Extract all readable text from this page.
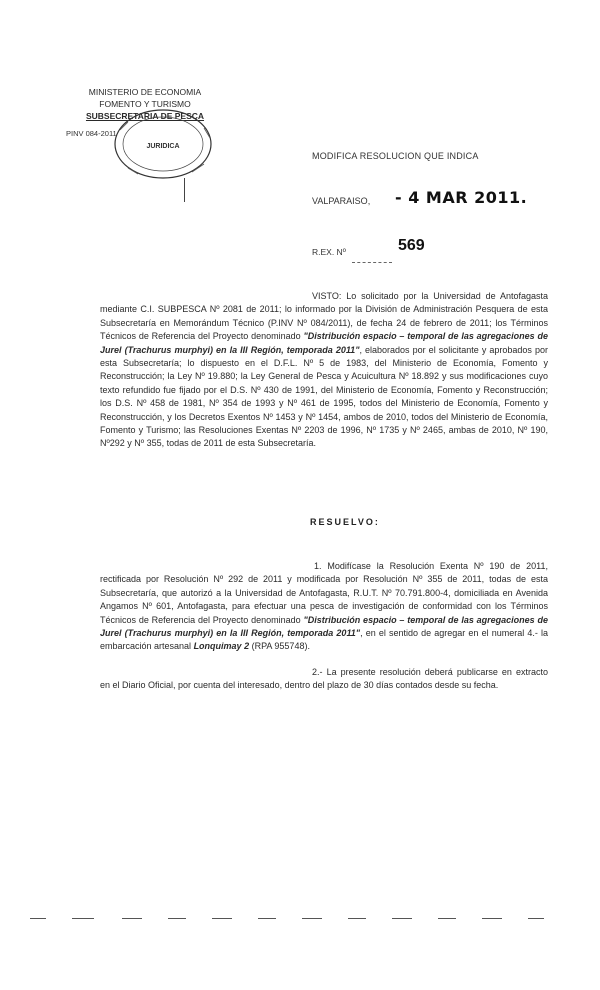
MINISTERIO DE ECONOMIA
FOMENTO Y TURISMO
SUBSECRETARIA DE PESCA
PINV 084-2011
JURIDICA
MODIFICA RESOLUCION QUE INDICA
VALPARAISO, - 4 MAR 2011.
R.EX. Nº	569
VISTO: Lo solicitado por la Universidad de Antofagasta mediante C.I. SUBPESCA Nº 2081 de 2011; lo informado por la División de Administración Pesquera de esta Subsecretaría en Memorándum Técnico (P.INV Nº 084/2011), de fecha 24 de febrero de 2011; los Términos Técnicos de Referencia del Proyecto denominado "Distribución espacio – temporal de las agregaciones de Jurel (Trachurus murphyi) en la III Región, temporada 2011", elaborados por el solicitante y aprobados por esta Subsecretaría; lo dispuesto en el D.F.L. Nº 5 de 1983, del Ministerio de Economía, Fomento y Reconstrucción; la Ley Nº 19.880; la Ley General de Pesca y Acuicultura Nº 18.892 y sus modificaciones cuyo texto refundido fue fijado por el D.S. Nº 430 de 1991, del Ministerio de Economía, Fomento y Reconstrucción; los D.S. Nº 458 de 1981, Nº 354 de 1993 y Nº 461 de 1995, todos del Ministerio de Economía, Fomento y Reconstrucción, y los Decretos Exentos Nº 1453 y Nº 1454, ambos de 2010, todos del Ministerio de Economía, Fomento y Turismo; las Resoluciones Exentas Nº 2203 de 1996, Nº 1735 y Nº 2465, ambas de 2010, Nº 190, Nº292 y Nº 355, todas de 2011 de esta Subsecretaría.
RESUELVO:
1. Modifícase la Resolución Exenta Nº 190 de 2011, rectificada por Resolución Nº 292 de 2011 y modificada por Resolución Nº 355 de 2011, todas de esta Subsecretaría, que autorizó a la Universidad de Antofagasta, R.U.T. Nº 70.791.800-4, domiciliada en Avenida Angamos Nº 601, Antofagasta, para efectuar una pesca de investigación de conformidad con los Términos Técnicos de Referencia del Proyecto denominado "Distribución espacio – temporal de las agregaciones de Jurel (Trachurus murphyi) en la III Región, temporada 2011", en el sentido de agregar en el numeral 4.- la embarcación artesanal Lonquimay 2 (RPA 955748).
2.- La presente resolución deberá publicarse en extracto en el Diario Oficial, por cuenta del interesado, dentro del plazo de 30 días contados desde su fecha.
